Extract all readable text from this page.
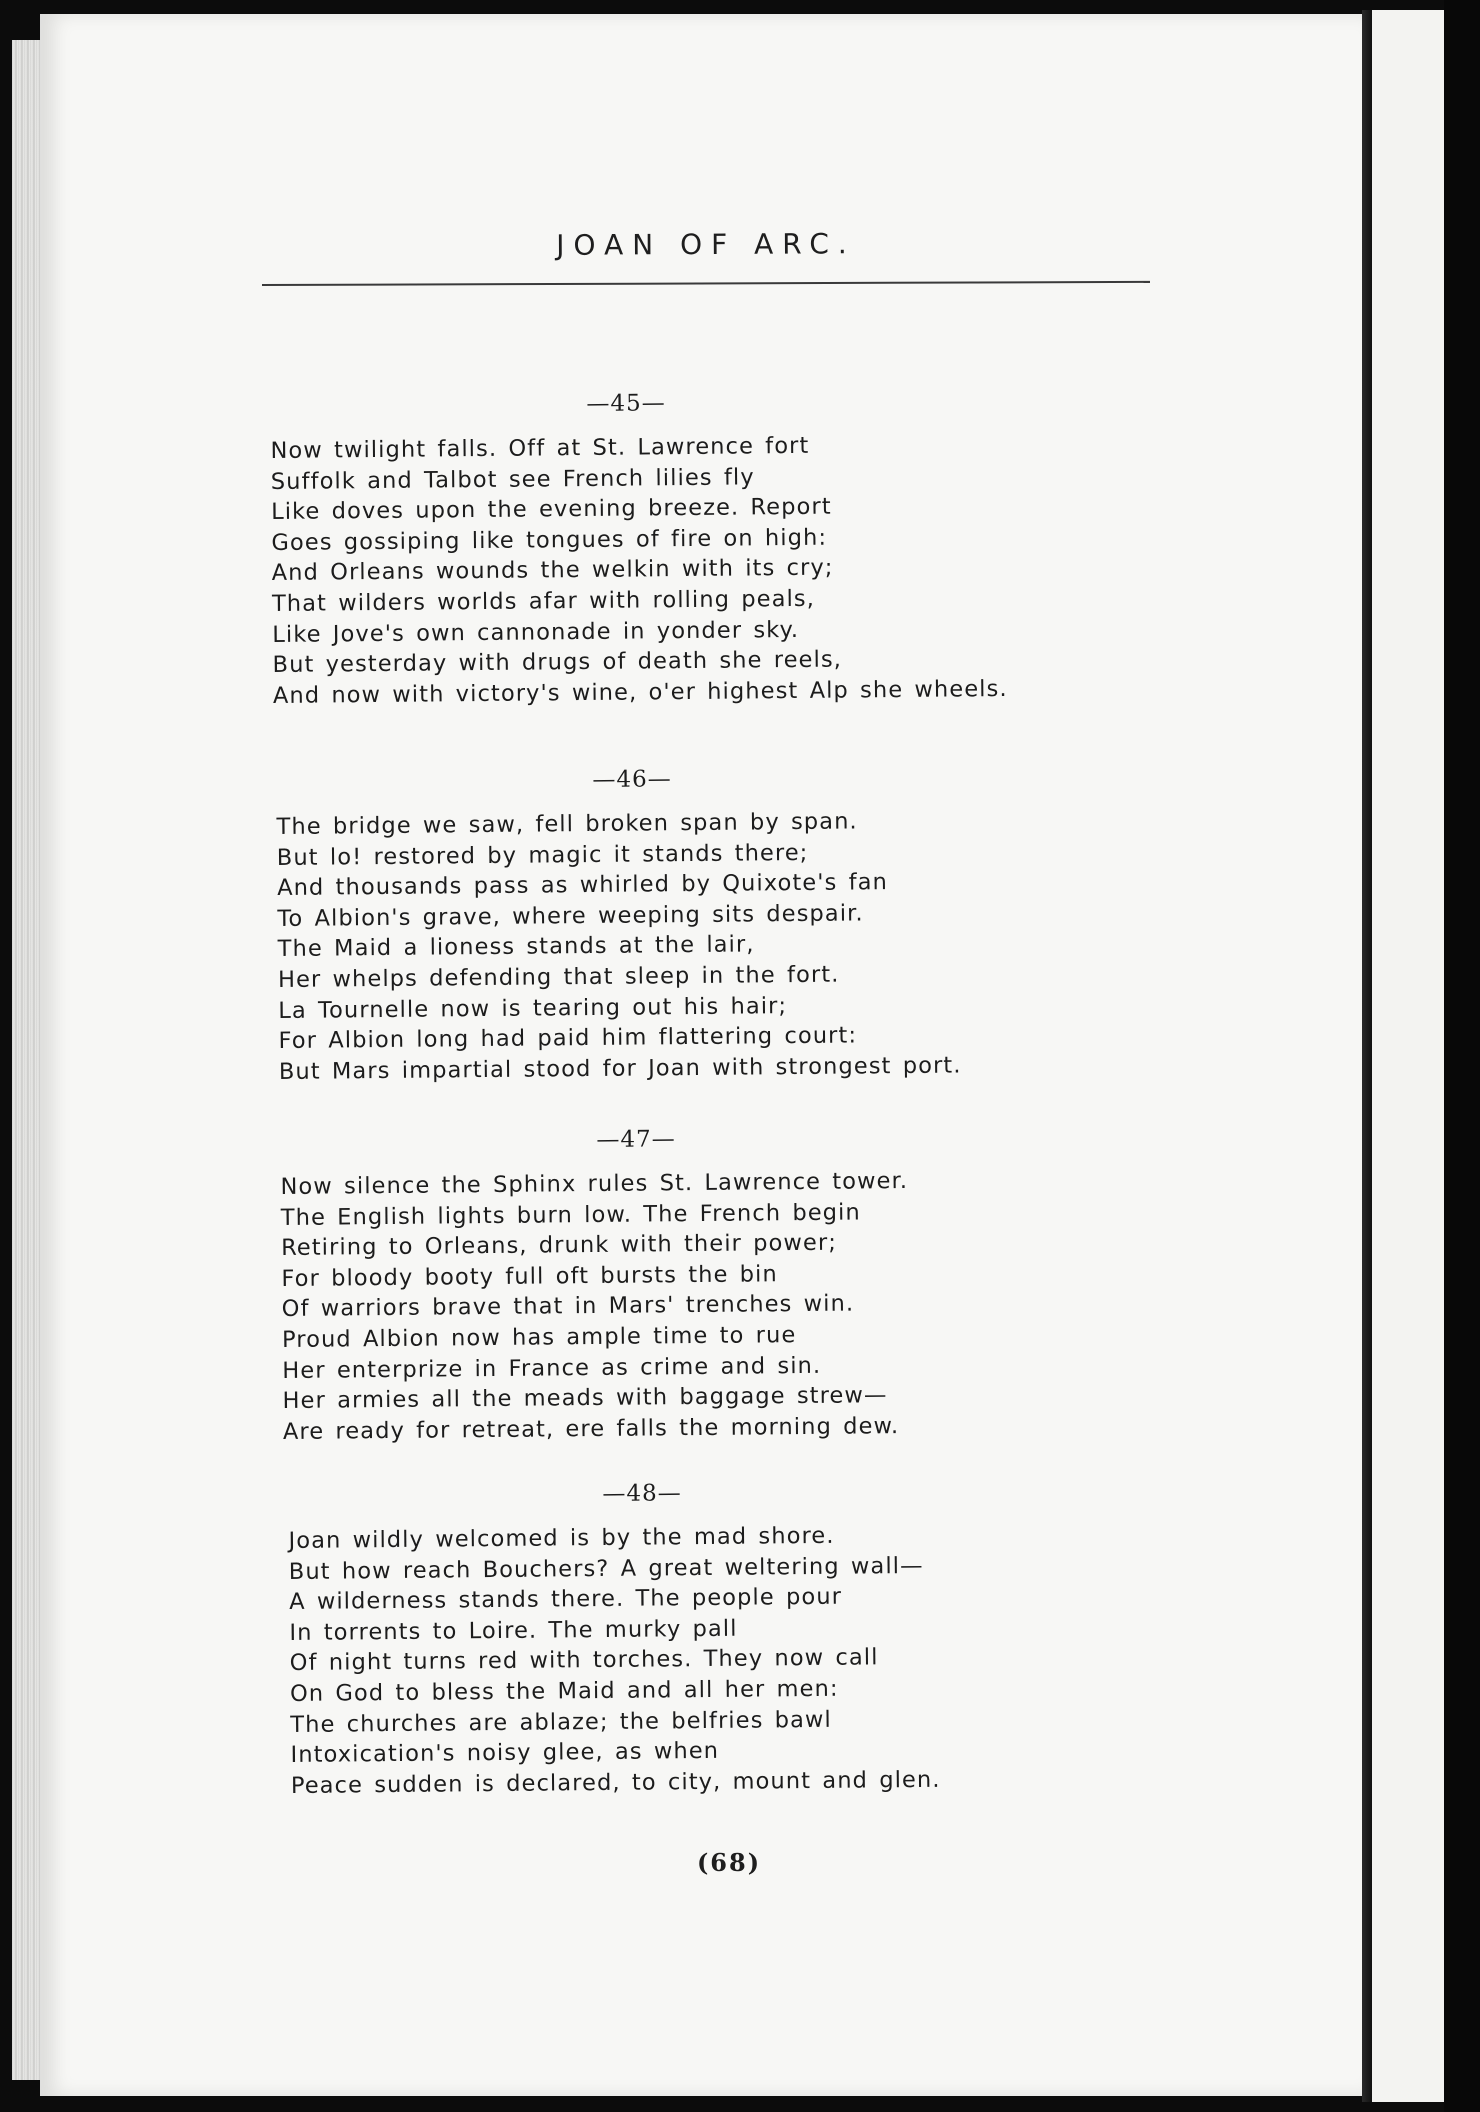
JOAN OF ARC.
—45—
Now twilight falls. Off at St. Lawrence fort
Suffolk and Talbot see French lilies fly
Like doves upon the evening breeze. Report
Goes gossiping like tongues of fire on high:
And Orleans wounds the welkin with its cry;
That wilders worlds afar with rolling peals,
Like Jove's own cannonade in yonder sky.
But yesterday with drugs of death she reels,
And now with victory's wine, o'er highest Alp she wheels.
—46—
The bridge we saw, fell broken span by span.
But lo! restored by magic it stands there;
And thousands pass as whirled by Quixote's fan
To Albion's grave, where weeping sits despair.
The Maid a lioness stands at the lair,
Her whelps defending that sleep in the fort.
La Tournelle now is tearing out his hair;
For Albion long had paid him flattering court:
But Mars impartial stood for Joan with strongest port.
—47—
Now silence the Sphinx rules St. Lawrence tower.
The English lights burn low. The French begin
Retiring to Orleans, drunk with their power;
For bloody booty full oft bursts the bin
Of warriors brave that in Mars' trenches win.
Proud Albion now has ample time to rue
Her enterprize in France as crime and sin.
Her armies all the meads with baggage strew—
Are ready for retreat, ere falls the morning dew.
—48—
Joan wildly welcomed is by the mad shore.
But how reach Bouchers? A great weltering wall—
A wilderness stands there. The people pour
In torrents to Loire. The murky pall
Of night turns red with torches. They now call
On God to bless the Maid and all her men:
The churches are ablaze; the belfries bawl
Intoxication's noisy glee, as when
Peace sudden is declared, to city, mount and glen.
(68)
